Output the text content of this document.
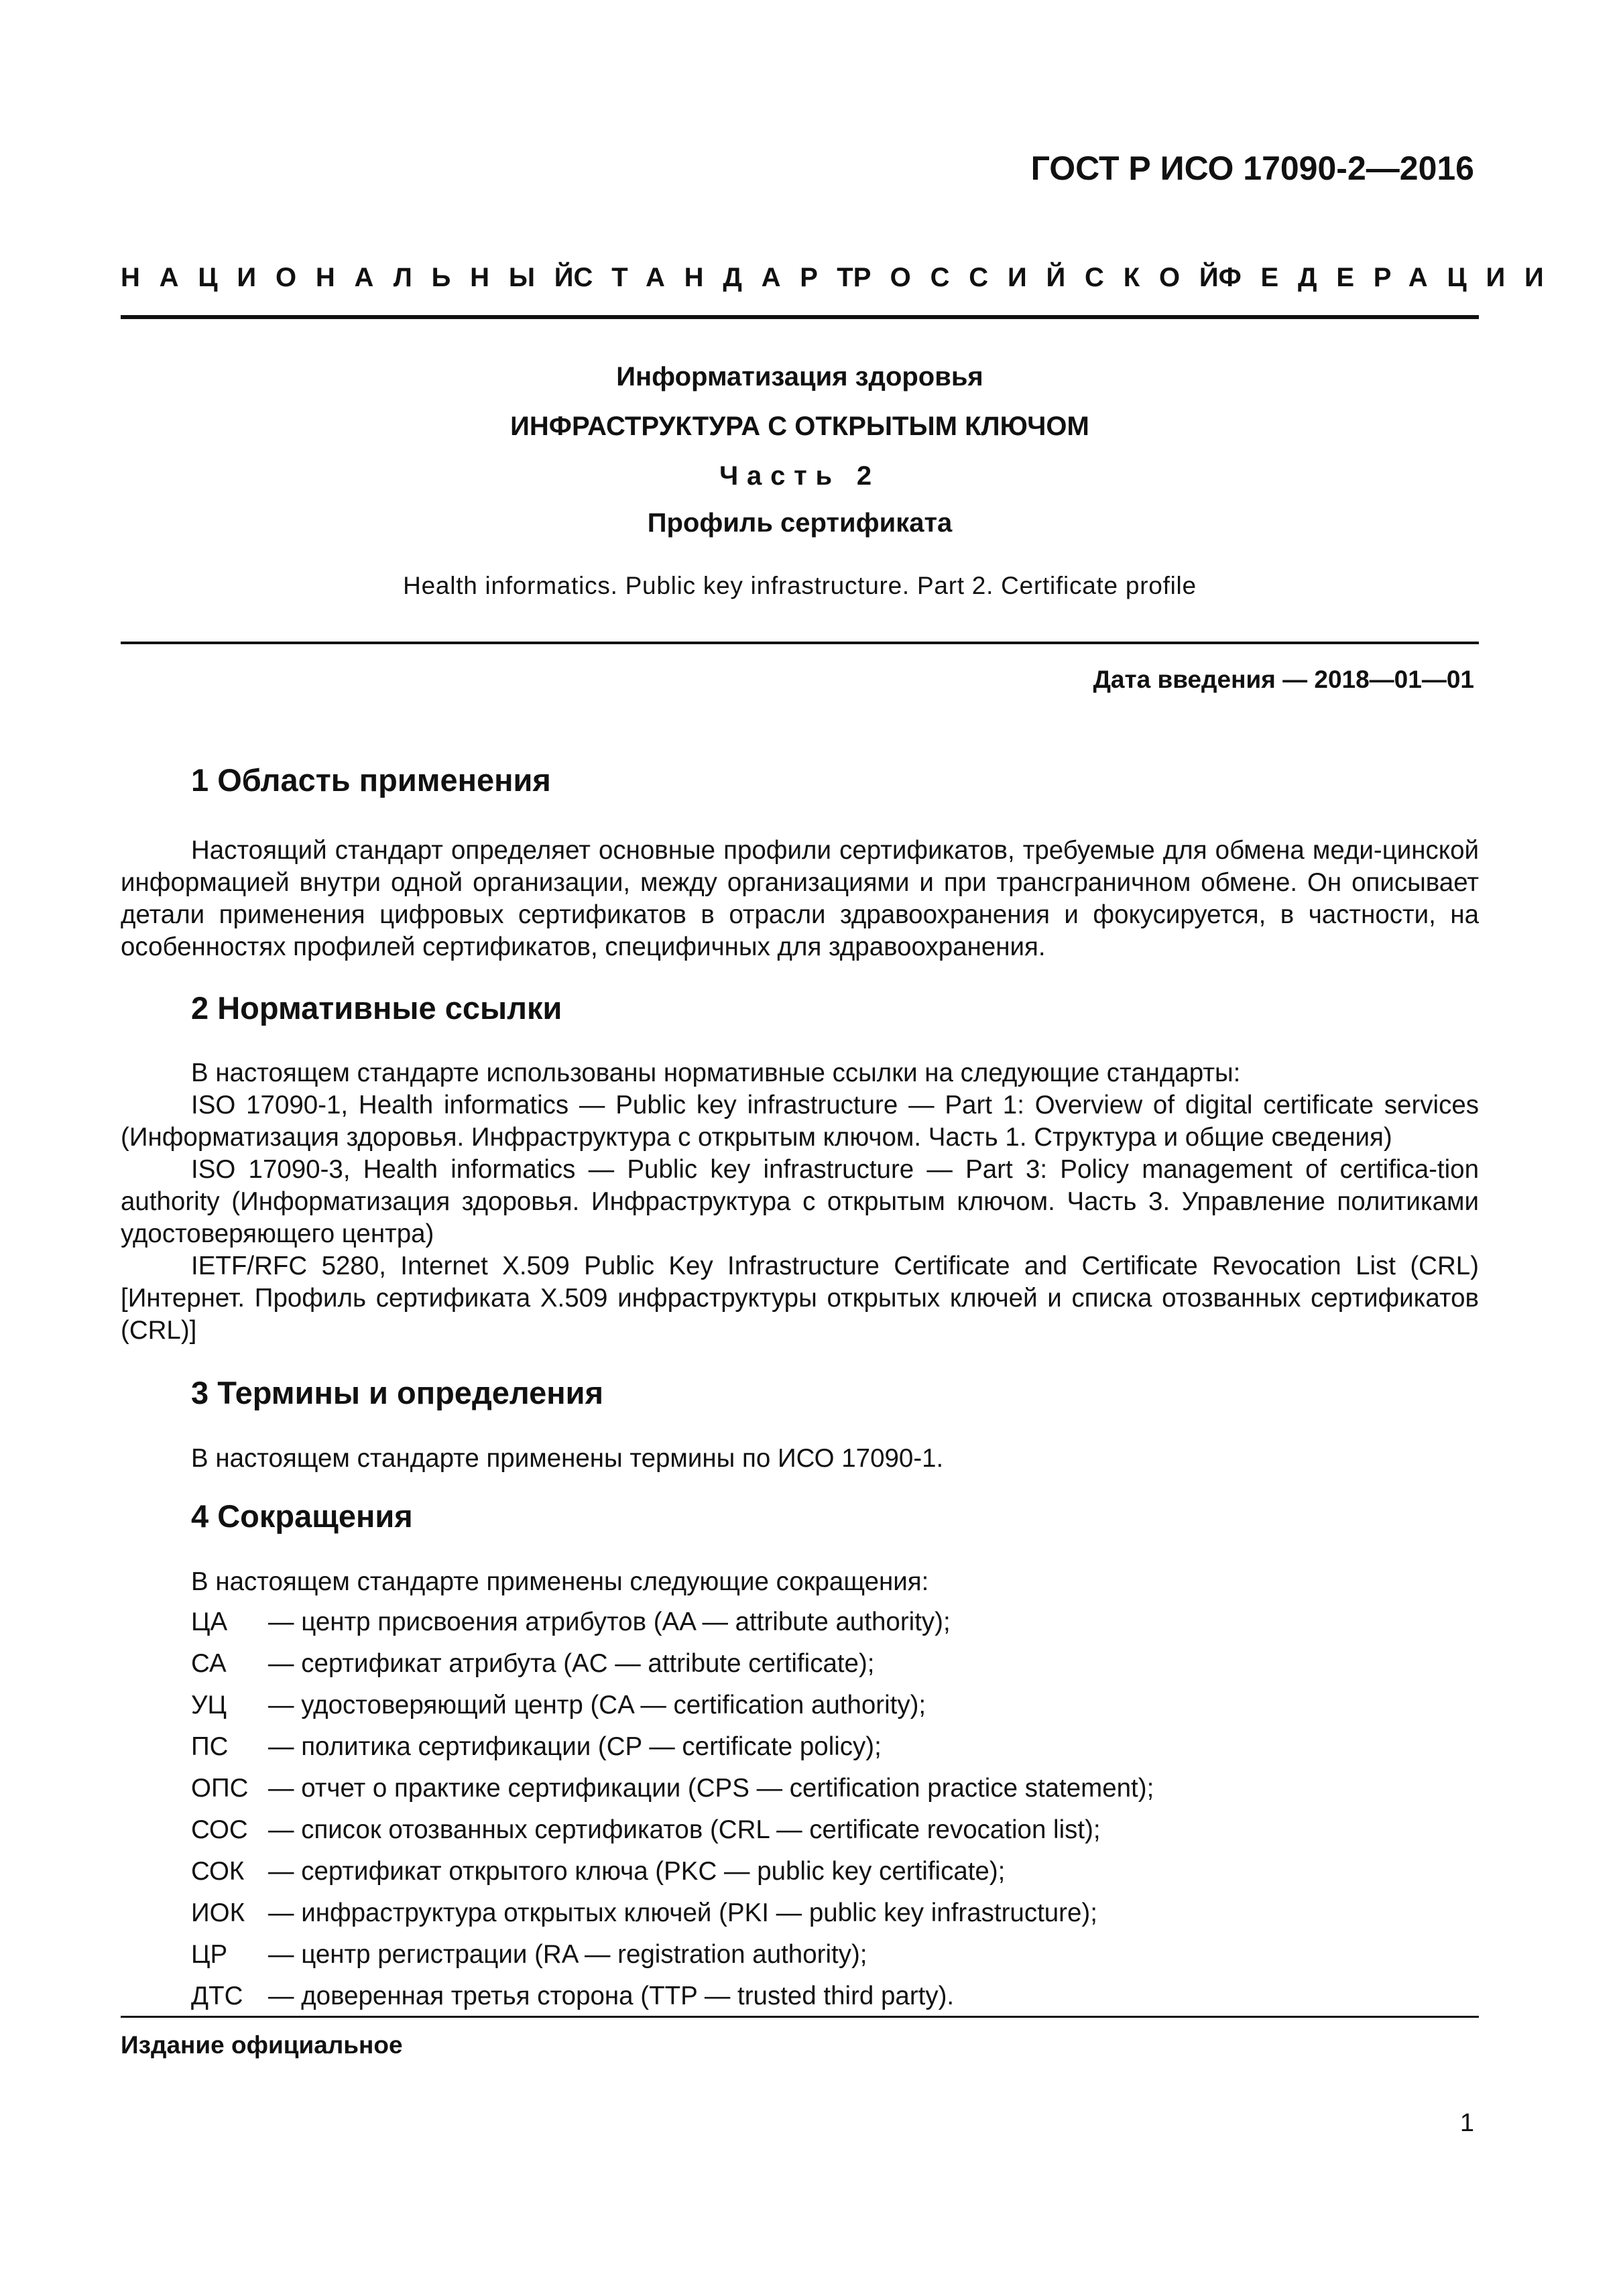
ГОСТ Р ИСО 17090-2—2016
НАЦИОНАЛЬНЫЙ
СТАНДАРТ
РОССИЙСКОЙ
ФЕДЕРАЦИИ
Информатизация здоровья
ИНФРАСТРУКТУРА С ОТКРЫТЫМ КЛЮЧОМ
Часть 2
Профиль сертификата
Health informatics. Public key infrastructure. Part 2. Certificate profile
Дата введения — 2018—01—01
1 Область применения

Настоящий стандарт определяет основные профили сертификатов, требуемые для обмена меди-цинской информацией внутри одной организации, между организациями и при трансграничном обмене. Он описывает детали применения цифровых сертификатов в отрасли здравоохранения и фокусируется, в частности, на особенностях профилей сертификатов, специфичных для здравоохранения.

2 Нормативные ссылки

В настоящем стандарте использованы нормативные ссылки на следующие стандарты:

ISO 17090-1, Health informatics — Public key infrastructure — Part 1: Overview of digital certificate services (Информатизация здоровья. Инфраструктура с открытым ключом. Часть 1. Структура и общие сведения)

ISO 17090-3, Health informatics — Public key infrastructure — Part 3: Policy management of certifica-tion authority (Информатизация здоровья. Инфраструктура с открытым ключом. Часть 3. Управление политиками удостоверяющего центра)

IETF/RFC 5280, Internet X.509 Public Key Infrastructure Certificate and Certificate Revocation List (CRL) [Интернет. Профиль сертификата X.509 инфраструктуры открытых ключей и списка отозванных сертификатов (CRL)]

3 Термины и определения

В настоящем стандарте применены термины по ИСО 17090-1.

4 Сокращения

В настоящем стандарте применены следующие сокращения:

ЦА	— центр присвоения атрибутов (AA — attribute authority);
СА	— сертификат атрибута (AC — attribute certificate);
УЦ	— удостоверяющий центр (CA — certification authority);
ПС	— политика сертификации (CP — certificate policy);
ОПС — отчет о практике сертификации (CPS — certification practice statement);
СОС — список отозванных сертификатов (CRL — certificate revocation list);
СОК — сертификат открытого ключа (PKC — public key certificate);
ИОК — инфраструктура открытых ключей (PKI — public key infrastructure);
ЦР	— центр регистрации (RA — registration authority);
ДТС — доверенная третья сторона (TTP — trusted third party).
Издание официальное
1
